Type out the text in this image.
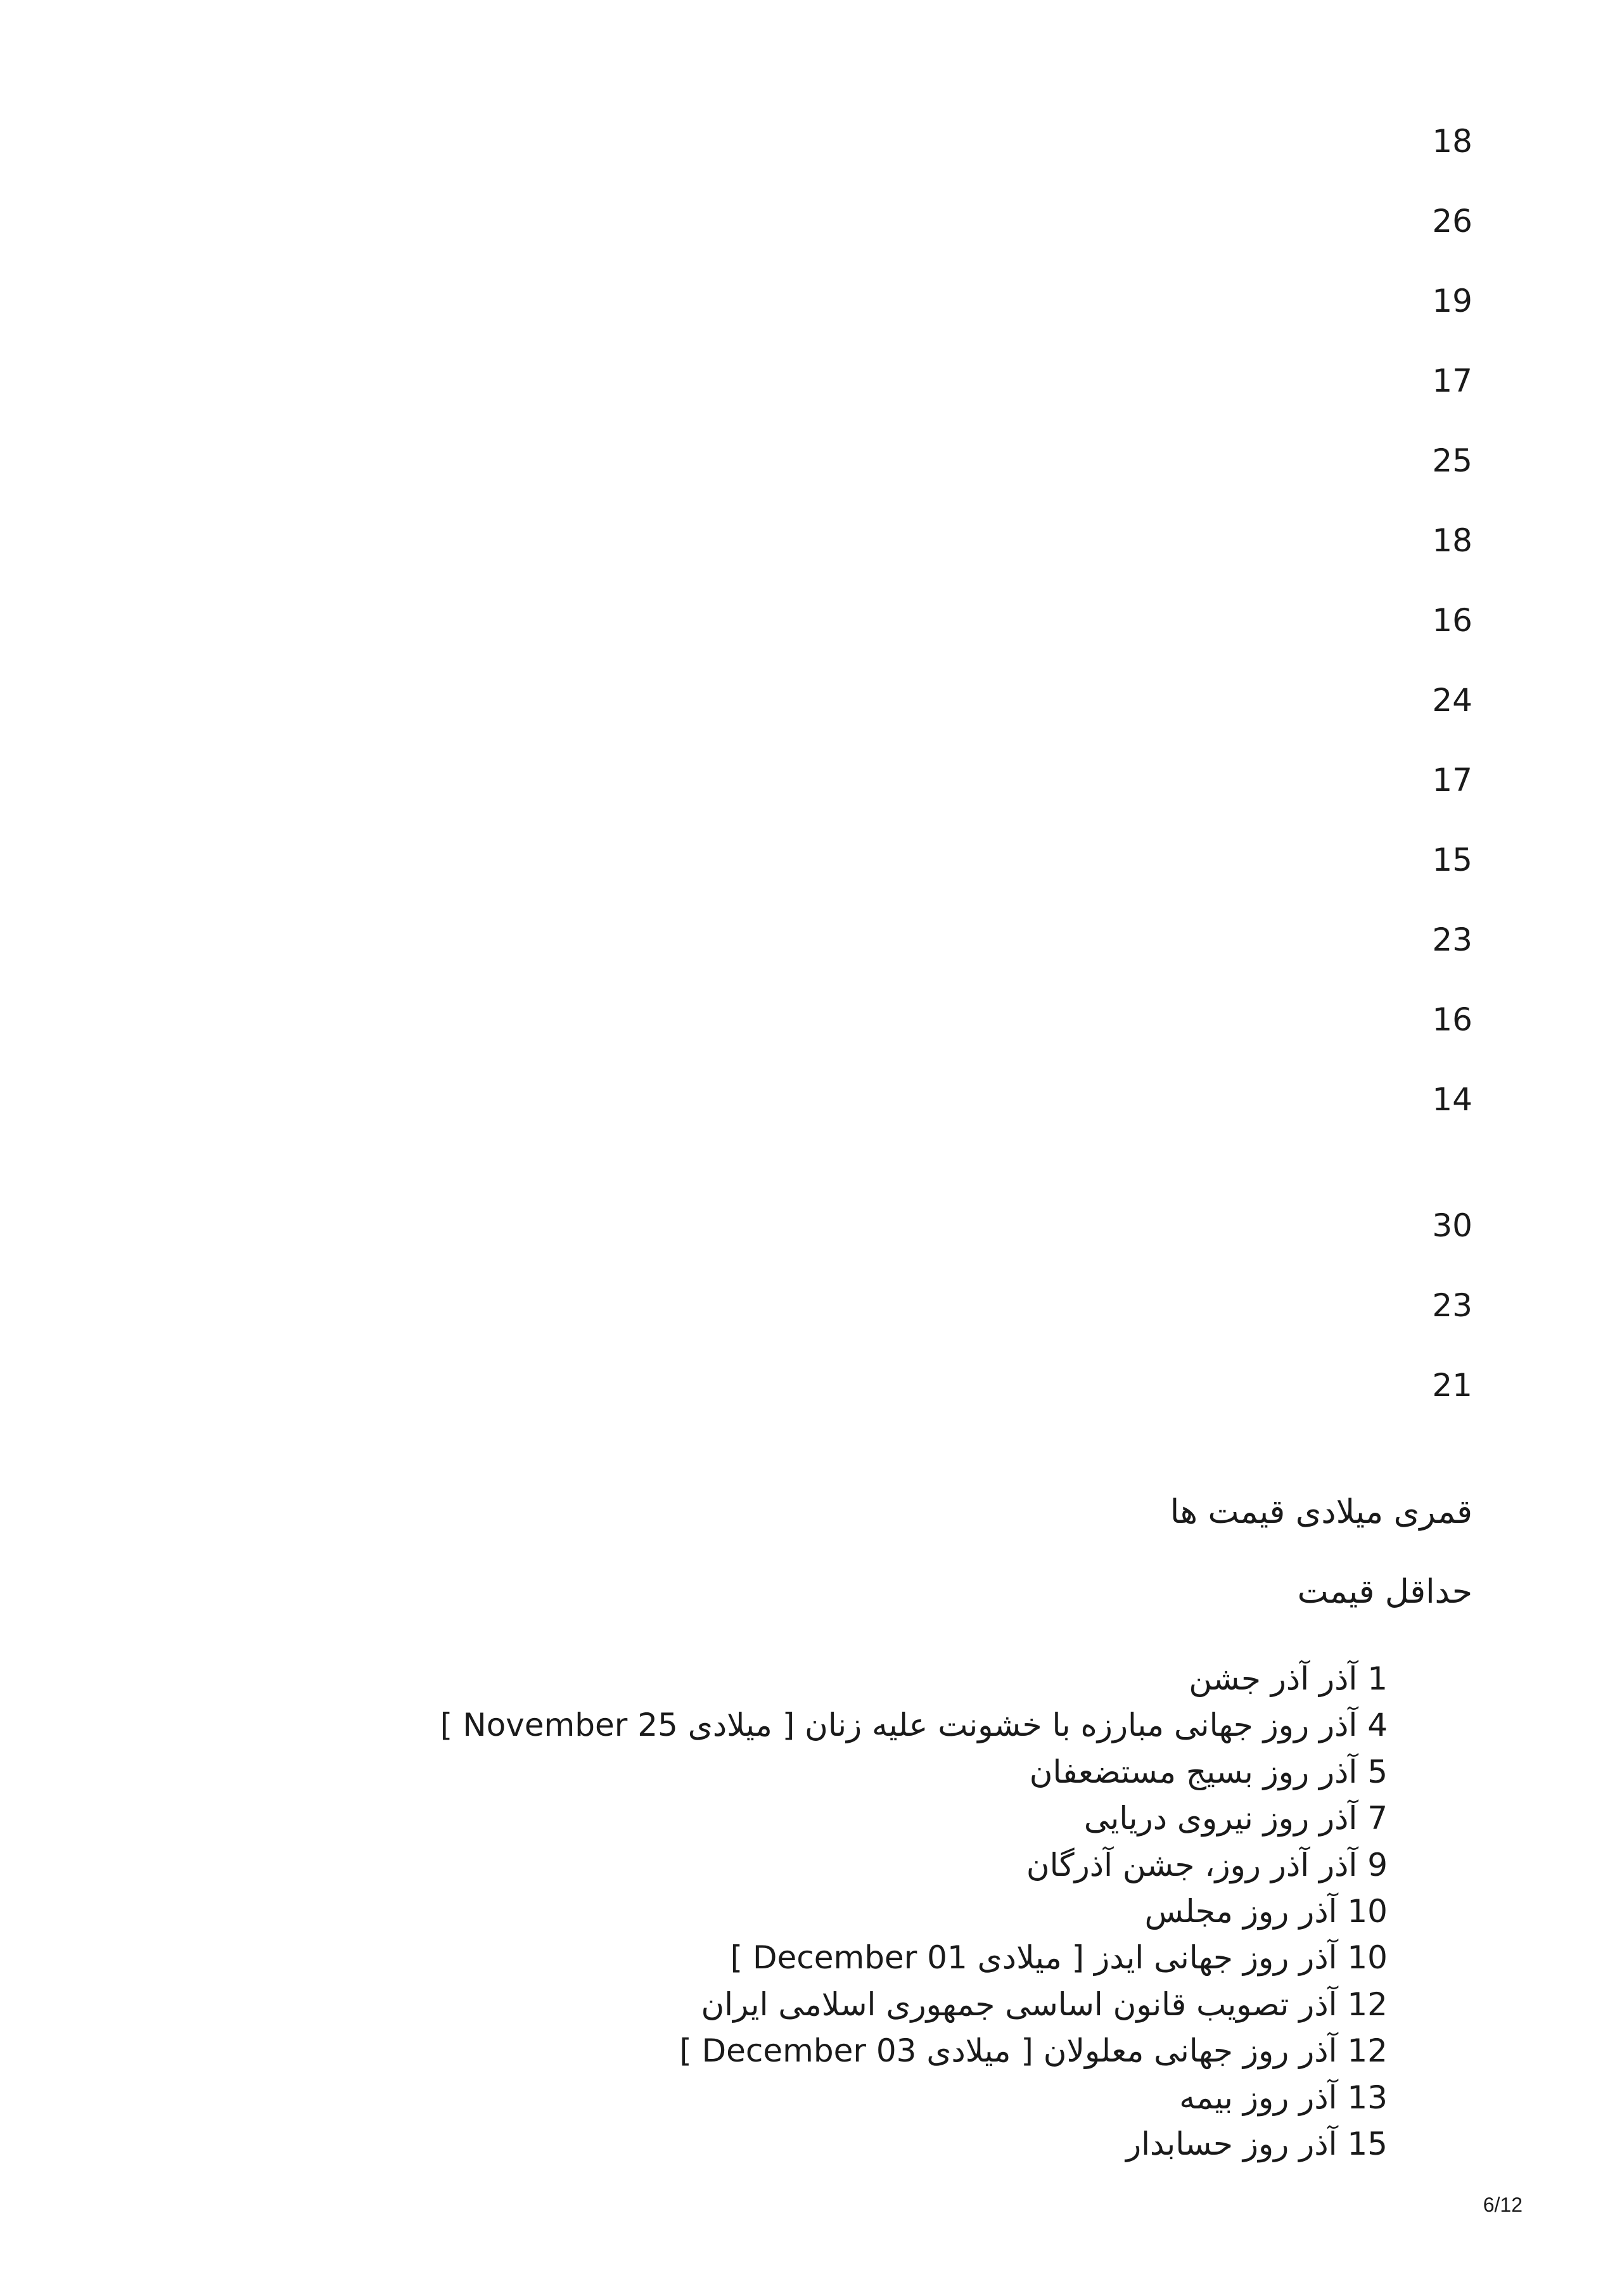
18
26
19
17
25
18
16
24
17
15
23
16
14
30
23
21
قمری میلادی قیمت ها
حداقل قیمت
1 آذر آذر جشن
4 آذر روز جهانی مبارزه با خشونت علیه زنان [ میلادی 25 November ]
5 آذر روز بسیج مستضعفان
7 آذر روز نیروی دریایی
9 آذر آذر روز، جشن آذرگان
10 آذر روز مجلس
10 آذر روز جهانی ایدز [ میلادی 01 December ]
12 آذر تصویب قانون اساسی جمهوری اسلامی ایران
12 آذر روز جهانی معلولان [ میلادی 03 December ]
13 آذر روز بیمه
15 آذر روز حسابدار
6/12
